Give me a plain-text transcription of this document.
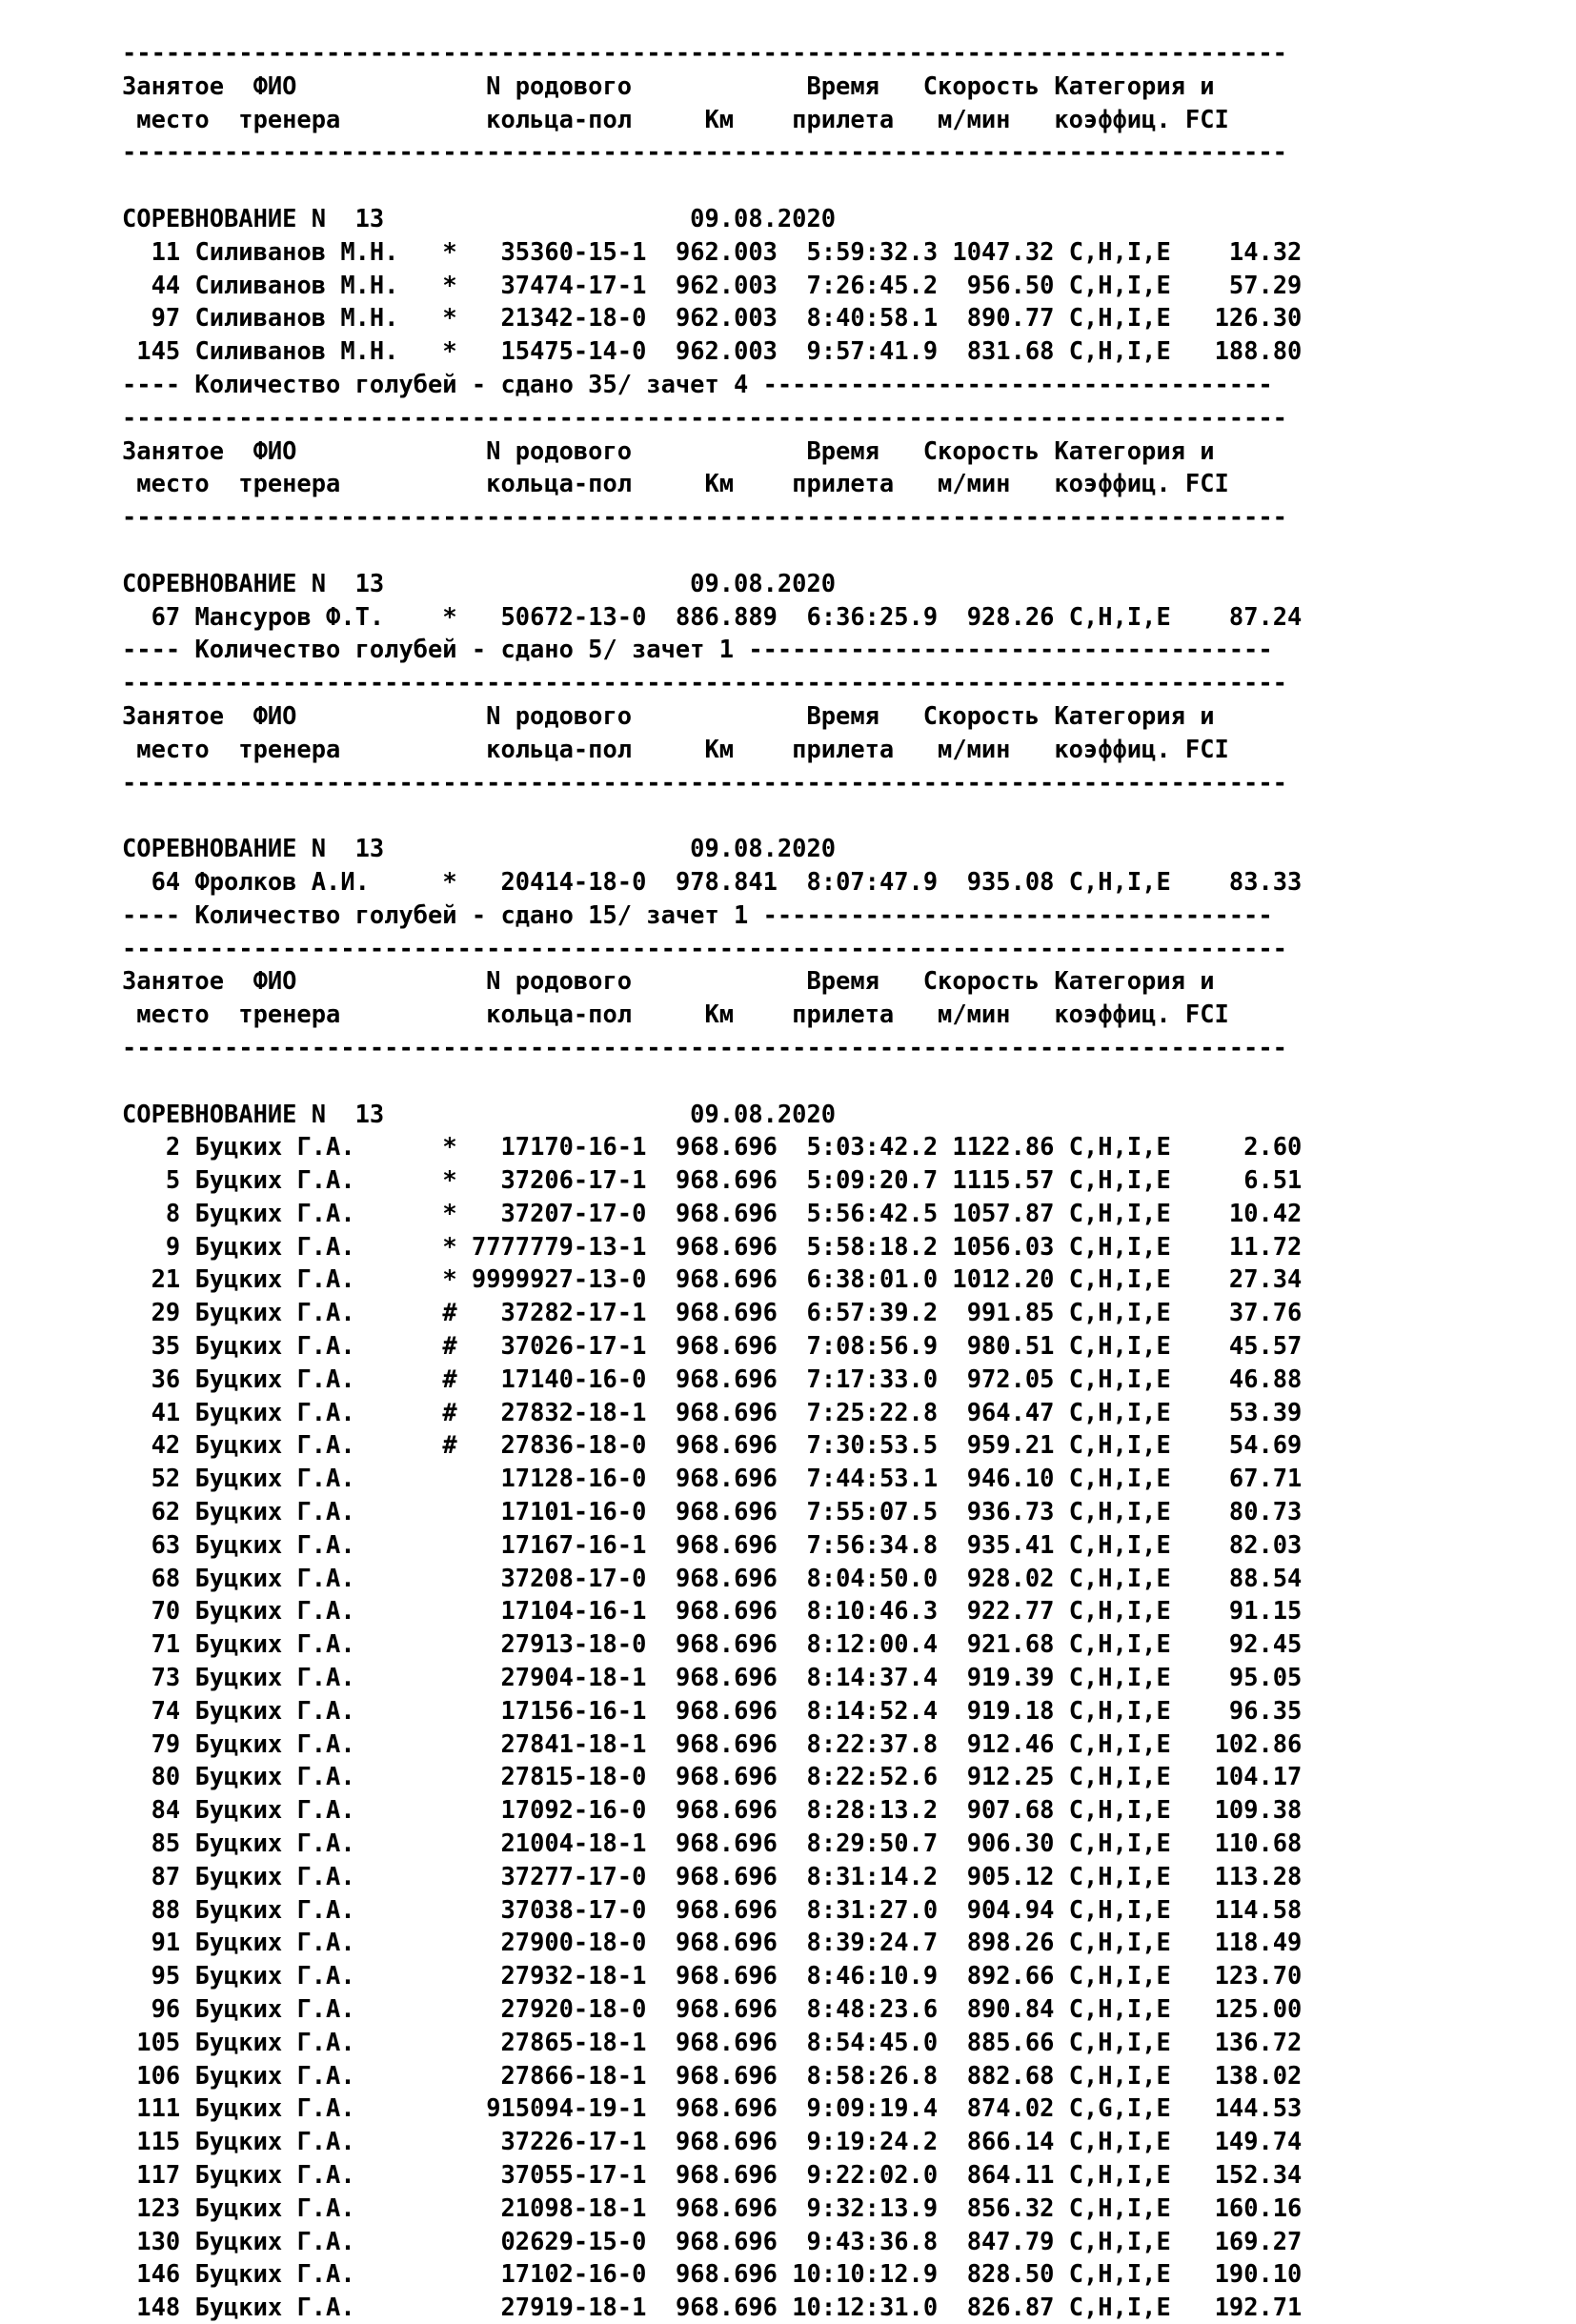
--------------------------------------------------------------------------------
Занятое  ФИО             N родового            Время   Скорость Категория и
место  тренера          кольца-пол     Км    прилета   м/мин   коэффиц. FCI
--------------------------------------------------------------------------------
СОРЕВНОВАНИЕ N  13                     09.08.2020
11 Силиванов М.Н. *   35360-15-1 962.003  5:59:32.3 1047.32 C,H,I,E    14.32
44 Силиванов М.Н. *   37474-17-1 962.003  7:26:45.2  956.50 C,H,I,E    57.29
97 Силиванов М.Н. *   21342-18-0 962.003  8:40:58.1  890.77 C,H,I,E   126.30
145 Силиванов М.Н. *   15475-14-0 962.003  9:57:41.9  831.68 C,H,I,E   188.80
---- Количество голубей - сдано 35/ зачет 4 -----------------------------------
--------------------------------------------------------------------------------
Занятое  ФИО             N родового            Время   Скорость Категория и
место  тренера          кольца-пол     Км    прилета   м/мин   коэффиц. FCI
--------------------------------------------------------------------------------
СОРЕВНОВАНИЕ N  13                     09.08.2020
67 Мансуров Ф.Т.    *   50672-13-0 886.889  6:36:25.9  928.26 C,H,I,E    87.24
---- Количество голубей - сдано 5/ зачет 1 ------------------------------------
--------------------------------------------------------------------------------
Занятое  ФИО             N родового            Время   Скорость Категория и
место  тренера          кольца-пол     Км    прилета   м/мин   коэффиц. FCI
--------------------------------------------------------------------------------
СОРЕВНОВАНИЕ N  13                     09.08.2020
64 Фролков А.И.     *   20414-18-0 978.841  8:07:47.9  935.08 C,H,I,E    83.33
---- Количество голубей - сдано 15/ зачет 1 -----------------------------------
--------------------------------------------------------------------------------
Занятое  ФИО             N родового            Время   Скорость Категория и
место  тренера          кольца-пол     Км    прилета   м/мин   коэффиц. FCI
--------------------------------------------------------------------------------
СОРЕВНОВАНИЕ N  13                     09.08.2020
2 Буцких Г.А.      *   17170-16-1 968.696  5:03:42.2 1122.86 C,H,I,E     2.60
5 Буцких Г.А.      *   37206-17-1 968.696  5:09:20.7 1115.57 C,H,I,E     6.51
8 Буцких Г.А.      *   37207-17-0 968.696  5:56:42.5 1057.87 C,H,I,E    10.42
9 Буцких Г.А.      * 7777779-13-1 968.696  5:58:18.2 1056.03 C,H,I,E    11.72
21 Буцких Г.А.      * 9999927-13-0 968.696  6:38:01.0 1012.20 C,H,I,E    27.34
29 Буцких Г.А.      #   37282-17-1 968.696  6:57:39.2  991.85 C,H,I,E    37.76
35 Буцких Г.А.      #   37026-17-1 968.696  7:08:56.9  980.51 C,H,I,E    45.57
36 Буцких Г.А.      #   17140-16-0 968.696  7:17:33.0  972.05 C,H,I,E    46.88
41 Буцких Г.А.      #   27832-18-1 968.696  7:25:22.8  964.47 C,H,I,E    53.39
42 Буцких Г.А.      #   27836-18-0 968.696  7:30:53.5  959.21 C,H,I,E    54.69
52 Буцких Г.А.	17128-16-0 968.696  7:44:53.1  946.10 C,H,I,E    67.71
62 Буцких Г.А.	17101-16-0 968.696  7:55:07.5  936.73 C,H,I,E    80.73
63 Буцких Г.А.	17167-16-1 968.696  7:56:34.8  935.41 C,H,I,E    82.03
68 Буцких Г.А.	37208-17-0 968.696  8:04:50.0  928.02 C,H,I,E    88.54
70 Буцких Г.А.	17104-16-1 968.696  8:10:46.3  922.77 C,H,I,E    91.15
71 Буцких Г.А.	27913-18-0 968.696  8:12:00.4  921.68 C,H,I,E    92.45
73 Буцких Г.А.	27904-18-1 968.696  8:14:37.4  919.39 C,H,I,E    95.05
74 Буцких Г.А.	17156-16-1 968.696  8:14:52.4  919.18 C,H,I,E    96.35
79 Буцких Г.А.	27841-18-1 968.696  8:22:37.8  912.46 C,H,I,E   102.86
80 Буцких Г.А.	27815-18-0 968.696  8:22:52.6  912.25 C,H,I,E   104.17
84 Буцких Г.А.	17092-16-0 968.696  8:28:13.2  907.68 C,H,I,E   109.38
85 Буцких Г.А.	21004-18-1 968.696  8:29:50.7  906.30 C,H,I,E   110.68
87 Буцких Г.А.	37277-17-0 968.696  8:31:14.2  905.12 C,H,I,E   113.28
88 Буцких Г.А.	37038-17-0 968.696  8:31:27.0  904.94 C,H,I,E   114.58
91 Буцких Г.А.	27900-18-0 968.696  8:39:24.7  898.26 C,H,I,E   118.49
95 Буцких Г.А.	27932-18-1 968.696  8:46:10.9  892.66 C,H,I,E   123.70
96 Буцких Г.А.	27920-18-0 968.696  8:48:23.6  890.84 C,H,I,E   125.00
105 Буцких Г.А.	27865-18-1 968.696  8:54:45.0  885.66 C,H,I,E   136.72
106 Буцких Г.А.	27866-18-1 968.696  8:58:26.8  882.68 C,H,I,E   138.02
111 Буцких Г.А.	915094-19-1 968.696  9:09:19.4  874.02 C,G,I,E   144.53
115 Буцких Г.А.	37226-17-1 968.696  9:19:24.2  866.14 C,H,I,E   149.74
117 Буцких Г.А.	37055-17-1 968.696  9:22:02.0  864.11 C,H,I,E   152.34
123 Буцких Г.А.	21098-18-1 968.696  9:32:13.9  856.32 C,H,I,E   160.16
130 Буцких Г.А.	02629-15-0 968.696  9:43:36.8  847.79 C,H,I,E   169.27
146 Буцких Г.А.	17102-16-0 968.696 10:10:12.9  828.50 C,H,I,E   190.10
148 Буцких Г.А.	27919-18-1 968.696 10:12:31.0  826.87 C,H,I,E   192.71
